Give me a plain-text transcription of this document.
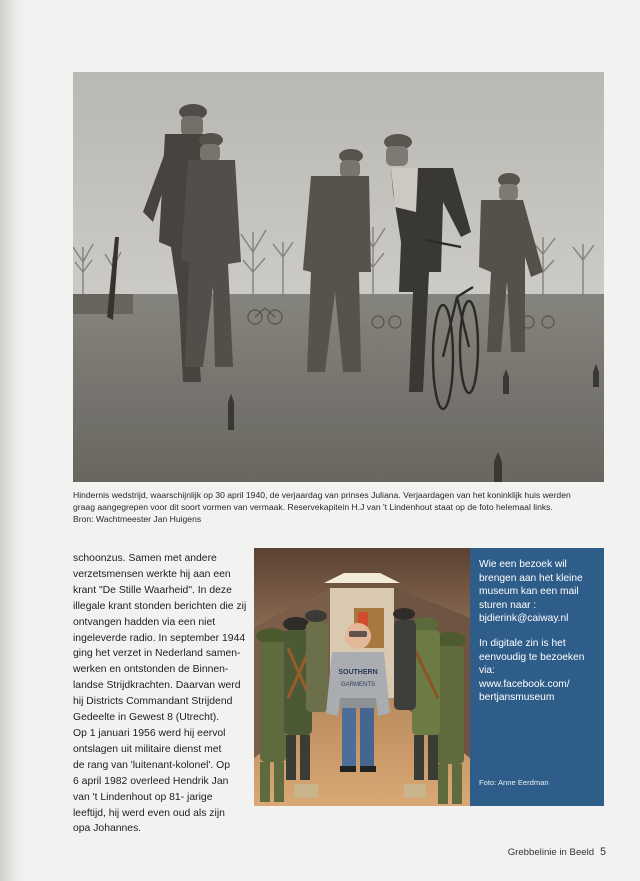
Hindernis wedstrijd, waarschijnlijk op 30 april 1940, de verjaardag van prinses Juliana. Verjaardagen van het koninklijk huis werden

graag aangegrepen voor dit soort vormen van vermaak. Reservekapitein H.J van 't Lindenhout staat op de foto helemaal links.

Bron: Wachtmeester Jan Huigens

schoonzus. Samen met andere

verzetsmensen werkte hij aan een

krant "De Stille Waarheid". In deze

illegale krant stonden berichten die zij

ontvangen hadden via een niet

ingeleverde radio. In september 1944

ging het verzet in Nederland samen-

werken en ontstonden de Binnen-

landse Strijdkrachten. Daarvan werd

hij Districts Commandant Strijdend

Gedeelte in Gewest 8 (Utrecht).

Op 1 januari 1956 werd hij eervol

ontslagen uit militaire dienst met

de rang van 'luitenant-kolonel'. Op

6 april 1982 overleed Hendrik Jan

van 't Lindenhout op 81- jarige

leeftijd, hij werd even oud als zijn

opa Johannes.

SOUTHERN
GARMENTS

Wie een bezoek wil

brengen aan het kleine

museum kan een mail

sturen naar :

bjdierink@caiway.nl

In digitale zin is het

eenvoudig te bezoeken

via:

www.facebook.com/

bertjansmuseum

Foto: Anne Eerdman
Grebbelinie in Beeld 5
